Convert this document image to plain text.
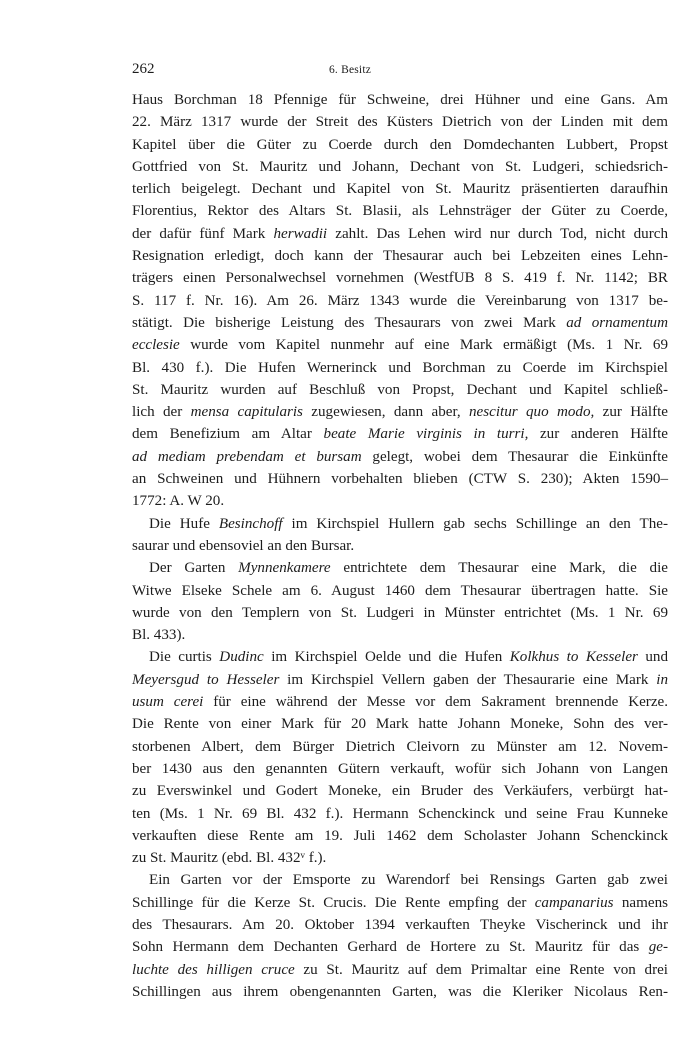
262	6. Besitz
Haus Borchman 18 Pfennige für Schweine, drei Hühner und eine Gans. Am
22. März 1317 wurde der Streit des Küsters Dietrich von der Linden mit dem
Kapitel über die Güter zu Coerde durch den Domdechanten Lubbert, Propst
Gottfried von St. Mauritz und Johann, Dechant von St. Ludgeri, schiedsrich-
terlich beigelegt. Dechant und Kapitel von St. Mauritz präsentierten daraufhin
Florentius, Rektor des Altars St. Blasii, als Lehnsträger der Güter zu Coerde,
der dafür fünf Mark herwadii zahlt. Das Lehen wird nur durch Tod, nicht durch
Resignation erledigt, doch kann der Thesaurar auch bei Lebzeiten eines Lehn-
trägers einen Personalwechsel vornehmen (WestfUB 8 S. 419 f. Nr. 1142; BR
S. 117 f. Nr. 16). Am 26. März 1343 wurde die Vereinbarung von 1317 be-
stätigt. Die bisherige Leistung des Thesaurars von zwei Mark ad ornamentum
ecclesie wurde vom Kapitel nunmehr auf eine Mark ermäßigt (Ms. 1 Nr. 69
Bl. 430 f.). Die Hufen Wernerinck und Borchman zu Coerde im Kirchspiel
St. Mauritz wurden auf Beschluß von Propst, Dechant und Kapitel schließ-
lich der mensa capitularis zugewiesen, dann aber, nescitur quo modo, zur Hälfte
dem Benefizium am Altar beate Marie virginis in turri, zur anderen Hälfte
ad mediam prebendam et bursam gelegt, wobei dem Thesaurar die Einkünfte
an Schweinen und Hühnern vorbehalten blieben (CTW S. 230); Akten 1590–
1772: A. W 20.
Die Hufe Besinchoff im Kirchspiel Hullern gab sechs Schillinge an den The-
saurar und ebensoviel an den Bursar.
Der Garten Mynnenkamere entrichtete dem Thesaurar eine Mark, die die
Witwe Elseke Schele am 6. August 1460 dem Thesaurar übertragen hatte. Sie
wurde von den Templern von St. Ludgeri in Münster entrichtet (Ms. 1 Nr. 69
Bl. 433).
Die curtis Dudinc im Kirchspiel Oelde und die Hufen Kolkhus to Kesseler und
Meyersgud to Hesseler im Kirchspiel Vellern gaben der Thesaurarie eine Mark in
usum cerei für eine während der Messe vor dem Sakrament brennende Kerze.
Die Rente von einer Mark für 20 Mark hatte Johann Moneke, Sohn des ver-
storbenen Albert, dem Bürger Dietrich Cleivorn zu Münster am 12. Novem-
ber 1430 aus den genannten Gütern verkauft, wofür sich Johann von Langen
zu Everswinkel und Godert Moneke, ein Bruder des Verkäufers, verbürgt hat-
ten (Ms. 1 Nr. 69 Bl. 432 f.). Hermann Schenckinck und seine Frau Kunneke
verkauften diese Rente am 19. Juli 1462 dem Scholaster Johann Schenckinck
zu St. Mauritz (ebd. Bl. 432ᵛ f.).
Ein Garten vor der Emsporte zu Warendorf bei Rensings Garten gab zwei
Schillinge für die Kerze St. Crucis. Die Rente empfing der campanarius namens
des Thesaurars. Am 20. Oktober 1394 verkauften Theyke Vischerinck und ihr
Sohn Hermann dem Dechanten Gerhard de Hortere zu St. Mauritz für das ge-
luchte des hilligen cruce zu St. Mauritz auf dem Primaltar eine Rente von drei
Schillingen aus ihrem obengenannten Garten, was die Kleriker Nicolaus Ren-
